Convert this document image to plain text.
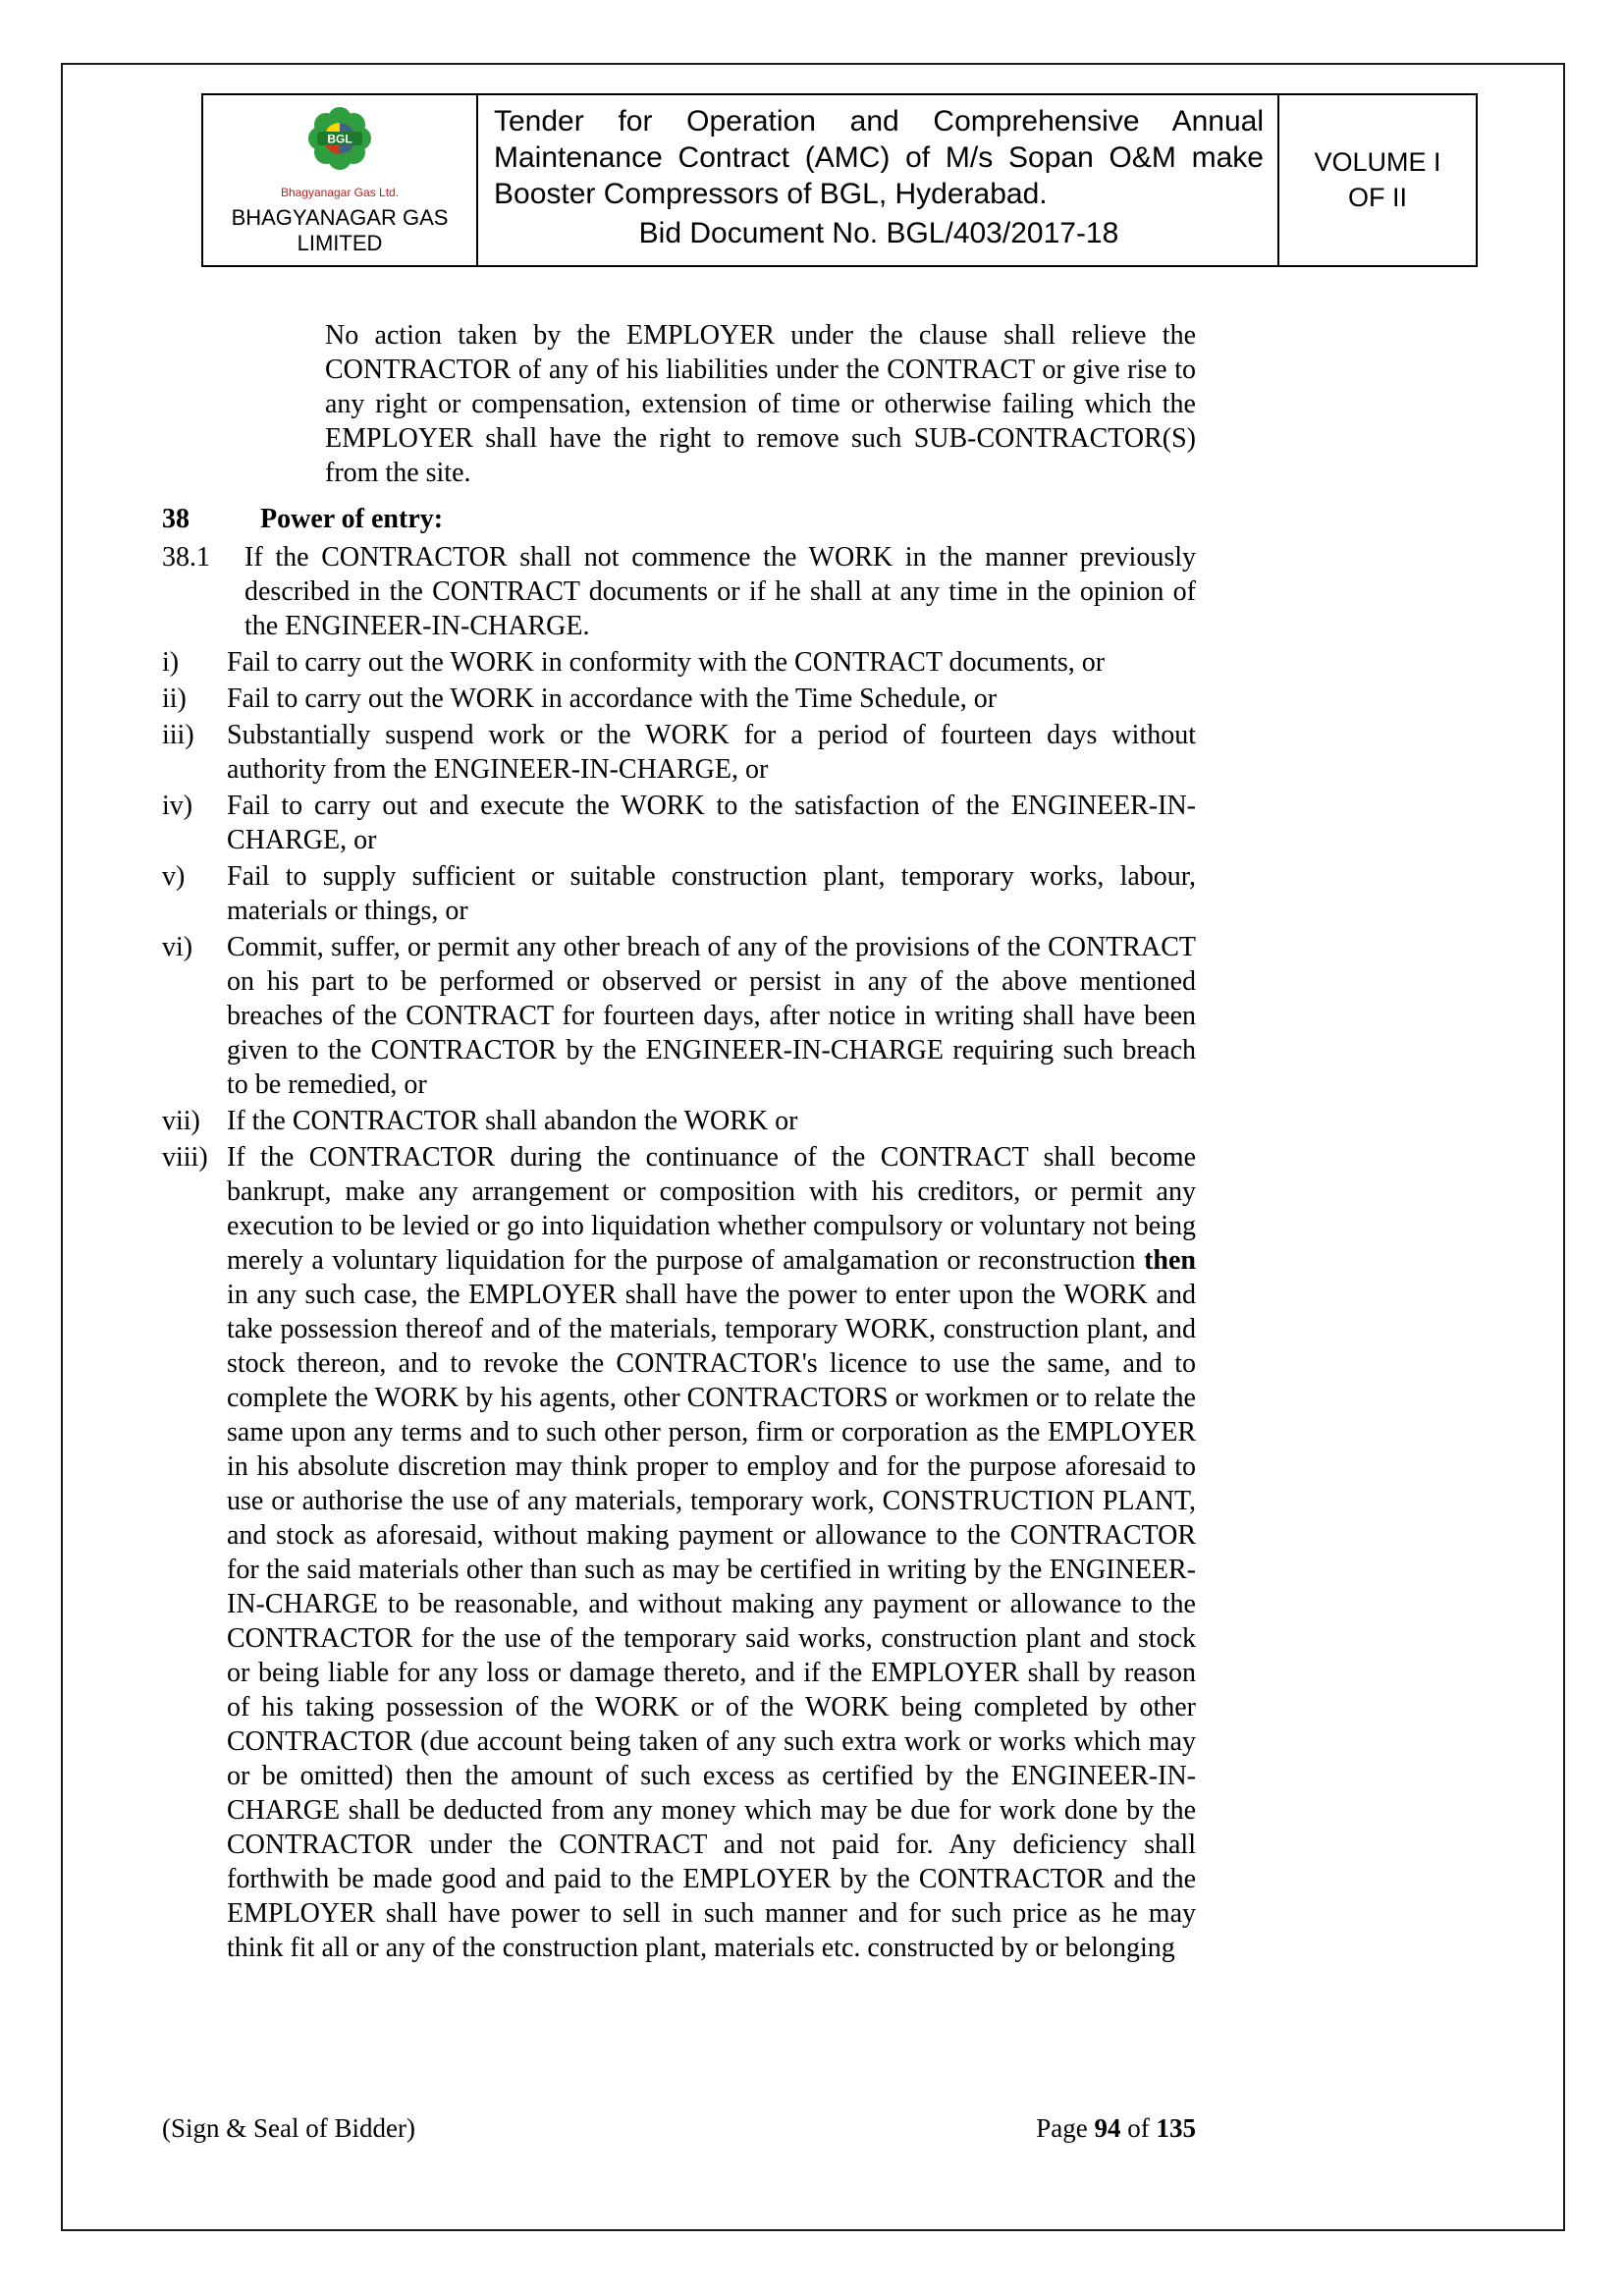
BGL
Bhagyanagar Gas Ltd.
BHAGYANAGAR GAS
LIMITED
Tender for Operation and Comprehensive Annual Maintenance Contract (AMC) of M/s Sopan O&M make Booster Compressors of BGL, Hyderabad.
Bid Document No. BGL/403/2017-18
VOLUME I
OF II

No action taken by the EMPLOYER under the clause shall relieve the CONTRACTOR of any of his liabilities under the CONTRACT or give rise to any right or compensation, extension of time or otherwise failing which the EMPLOYER shall have the right to remove such SUB-CONTRACTOR(S) from the site.

38	Power of entry:
38.1	If the CONTRACTOR shall not commence the WORK in the manner previously described in the CONTRACT documents or if he shall at any time in the opinion of the ENGINEER-IN-CHARGE.
i)	Fail to carry out the WORK in conformity with the CONTRACT documents, or
ii)	Fail to carry out the WORK in accordance with the Time Schedule, or
iii)	Substantially suspend work or the WORK for a period of fourteen days without authority from the ENGINEER-IN-CHARGE, or
iv)	Fail to carry out and execute the WORK to the satisfaction of the ENGINEER-IN-CHARGE, or
v)	Fail to supply sufficient or suitable construction plant, temporary works, labour, materials or things, or
vi)	Commit, suffer, or permit any other breach of any of the provisions of the CONTRACT on his part to be performed or observed or persist in any of the above mentioned breaches of the CONTRACT for fourteen days, after notice in writing shall have been given to the CONTRACTOR by the ENGINEER-IN-CHARGE requiring such breach to be remedied, or
vii) If the CONTRACTOR shall abandon the WORK or
viii) If the CONTRACTOR during the continuance of the CONTRACT shall become bankrupt, make any arrangement or composition with his creditors, or permit any execution to be levied or go into liquidation whether compulsory or voluntary not being merely a voluntary liquidation for the purpose of amalgamation or reconstruction then in any such case, the EMPLOYER shall have the power to enter upon the WORK and take possession thereof and of the materials, temporary WORK, construction plant, and stock thereon, and to revoke the CONTRACTOR's licence to use the same, and to complete the WORK by his agents, other CONTRACTORS or workmen or to relate the same upon any terms and to such other person, firm or corporation as the EMPLOYER in his absolute discretion may think proper to employ and for the purpose aforesaid to use or authorise the use of any materials, temporary work, CONSTRUCTION PLANT, and stock as aforesaid, without making payment or allowance to the CONTRACTOR for the said materials other than such as may be certified in writing by the ENGINEER-IN-CHARGE to be reasonable, and without making any payment or allowance to the CONTRACTOR for the use of the temporary said works, construction plant and stock or being liable for any loss or damage thereto, and if the EMPLOYER shall by reason of his taking possession of the WORK or of the WORK being completed by other CONTRACTOR (due account being taken of any such extra work or works which may or be omitted) then the amount of such excess as certified by the ENGINEER-IN-CHARGE shall be deducted from any money which may be due for work done by the CONTRACTOR under the CONTRACT and not paid for. Any deficiency shall forthwith be made good and paid to the EMPLOYER by the CONTRACTOR and the EMPLOYER shall have power to sell in such manner and for such price as he may think fit all or any of the construction plant, materials etc. constructed by or belonging
(Sign & Seal of Bidder)	Page 94 of 135
